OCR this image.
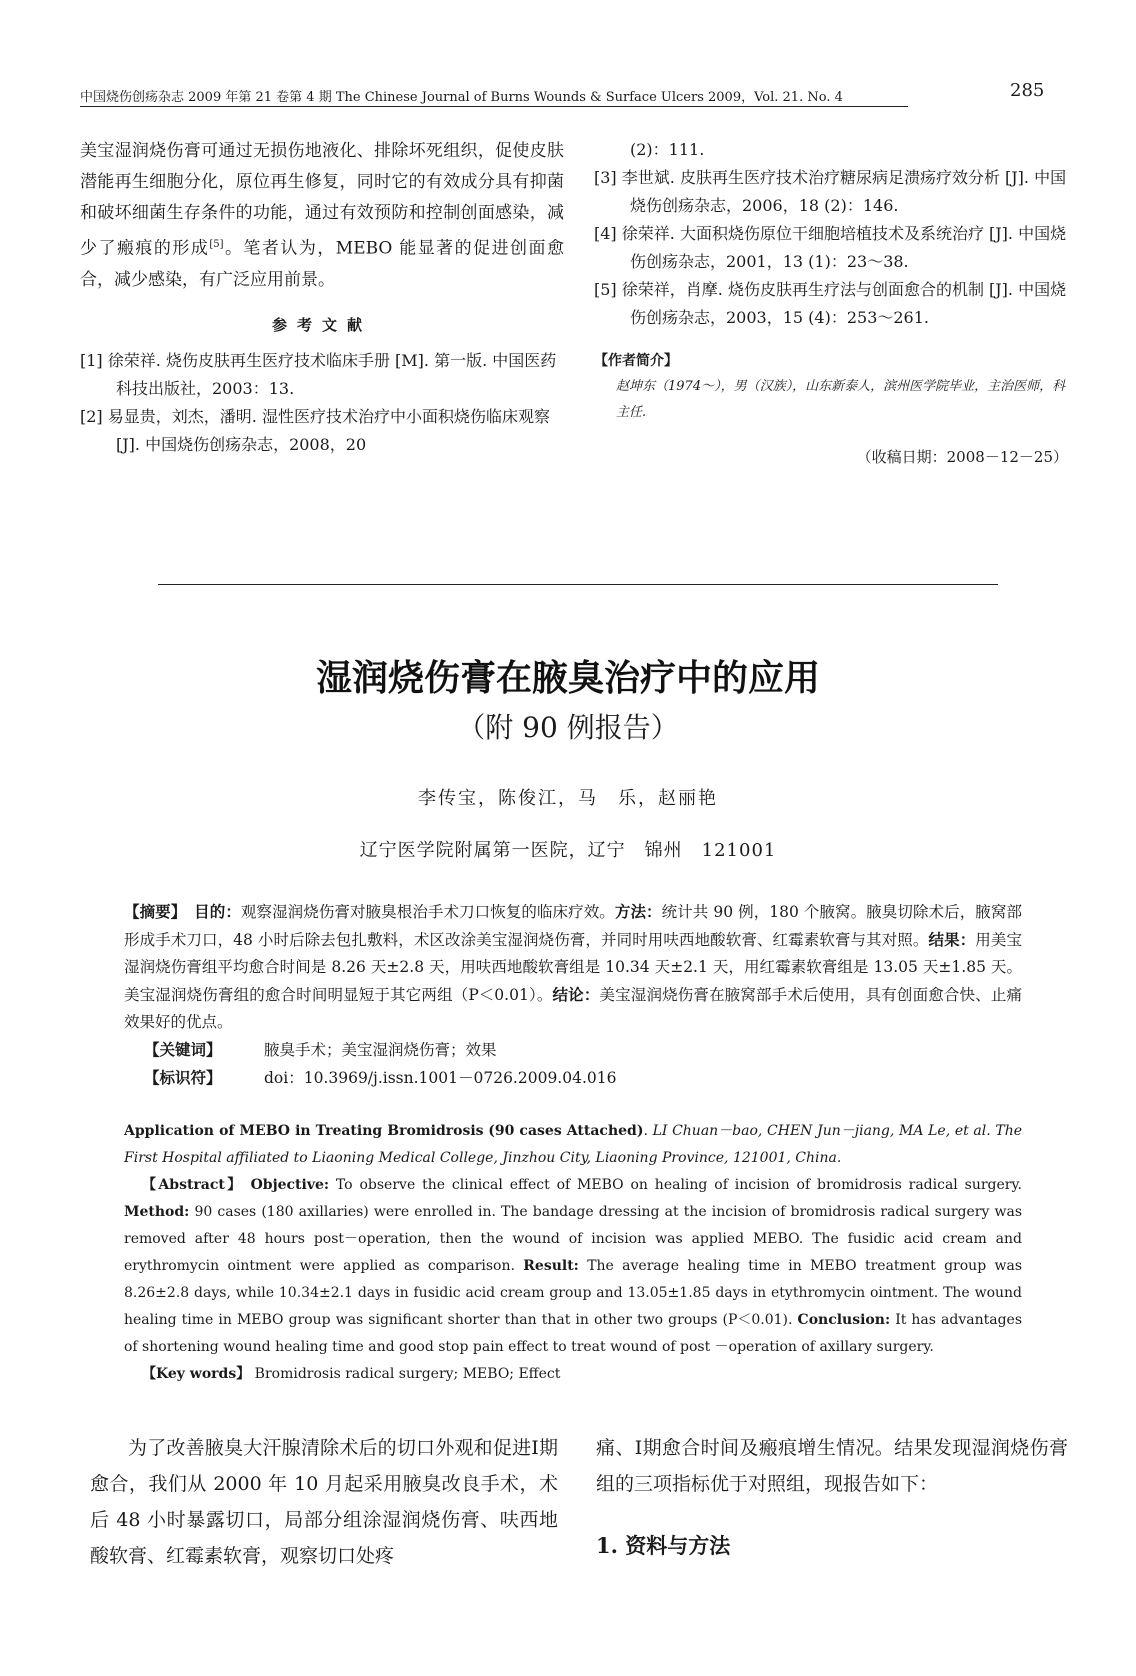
中国烧伤创疡杂志 2009 年第 21 卷第 4 期 The Chinese Journal of Burns Wounds & Surface Ulcers 2009，Vol. 21. No. 4	285

美宝湿润烧伤膏可通过无损伤地液化、排除坏死组织，促使皮肤潜能再生细胞分化，原位再生修复，同时它的有效成分具有抑菌和破坏细菌生存条件的功能，通过有效预防和控制创面感染，减少了瘢痕的形成[5]。笔者认为，MEBO 能显著的促进创面愈合，减少感染，有广泛应用前景。

参考文献

[1] 徐荣祥. 烧伤皮肤再生医疗技术临床手册 [M]. 第一版. 中国医药科技出版社，2003：13.

[2] 易显贵，刘杰，潘明. 湿性医疗技术治疗中小面积烧伤临床观察 [J]. 中国烧伤创疡杂志，2008，20

(2)：111.

[3] 李世斌. 皮肤再生医疗技术治疗糖尿病足溃疡疗效分析 [J]. 中国烧伤创疡杂志，2006，18 (2)：146.

[4] 徐荣祥. 大面积烧伤原位干细胞培植技术及系统治疗 [J]. 中国烧伤创疡杂志，2001，13 (1)：23～38.

[5] 徐荣祥，肖摩. 烧伤皮肤再生疗法与创面愈合的机制 [J]. 中国烧伤创疡杂志，2003，15 (4)：253～261.

【作者简介】

赵坤东（1974～），男（汉族），山东新泰人，滨州医学院毕业，主治医师，科主任.

（收稿日期：2008－12－25）
湿润烧伤膏在腋臭治疗中的应用
（附 90 例报告）
李传宝，陈俊江，马　乐，赵丽艳
辽宁医学院附属第一医院，辽宁　锦州　121001

【摘要】　 目的：观察湿润烧伤膏对腋臭根治手术刀口恢复的临床疗效。方法：统计共 90 例，180 个腋窝。腋臭切除术后，腋窝部形成手术刀口，48 小时后除去包扎敷料，术区改涂美宝湿润烧伤膏，并同时用呋西地酸软膏、红霉素软膏与其对照。结果：用美宝湿润烧伤膏组平均愈合时间是 8.26 天±2.8 天，用呋西地酸软膏组是 10.34 天±2.1 天，用红霉素软膏组是 13.05 天±1.85 天。美宝湿润烧伤膏组的愈合时间明显短于其它两组（P＜0.01）。结论：美宝湿润烧伤膏在腋窝部手术后使用，具有创面愈合快、止痛效果好的优点。

【关键词】	腋臭手术；美宝湿润烧伤膏；效果

【标识符】	doi：10.3969/j.issn.1001－0726.2009.04.016

Application of MEBO in Treating Bromidrosis (90 cases Attached). LI Chuan－bao, CHEN Jun－jiang, MA Le, et al. The First Hospital affiliated to Liaoning Medical College, Jinzhou City, Liaoning Province, 121001, China.

【Abstract】 Objective: To observe the clinical effect of MEBO on healing of incision of bromidrosis radical surgery. Method: 90 cases (180 axillaries) were enrolled in. The bandage dressing at the incision of bromidrosis radical surgery was removed after 48 hours post－operation, then the wound of incision was applied MEBO. The fusidic acid cream and erythromycin ointment were applied as comparison. Result: The average healing time in MEBO treatment group was 8.26±2.8 days, while 10.34±2.1 days in fusidic acid cream group and 13.05±1.85 days in etythromycin ointment. The wound healing time in MEBO group was significant shorter than that in other two groups (P＜0.01). Conclusion: It has advantages of shortening wound healing time and good stop pain effect to treat wound of post －operation of axillary surgery.

【Key words】 Bromidrosis radical surgery; MEBO; Effect

为了改善腋臭大汗腺清除术后的切口外观和促进Ⅰ期愈合，我们从 2000 年 10 月起采用腋臭改良手术，术后 48 小时暴露切口，局部分组涂湿润烧伤膏、呋西地酸软膏、红霉素软膏，观察切口处疼

痛、Ⅰ期愈合时间及瘢痕增生情况。结果发现湿润烧伤膏组的三项指标优于对照组，现报告如下：

1. 资料与方法
